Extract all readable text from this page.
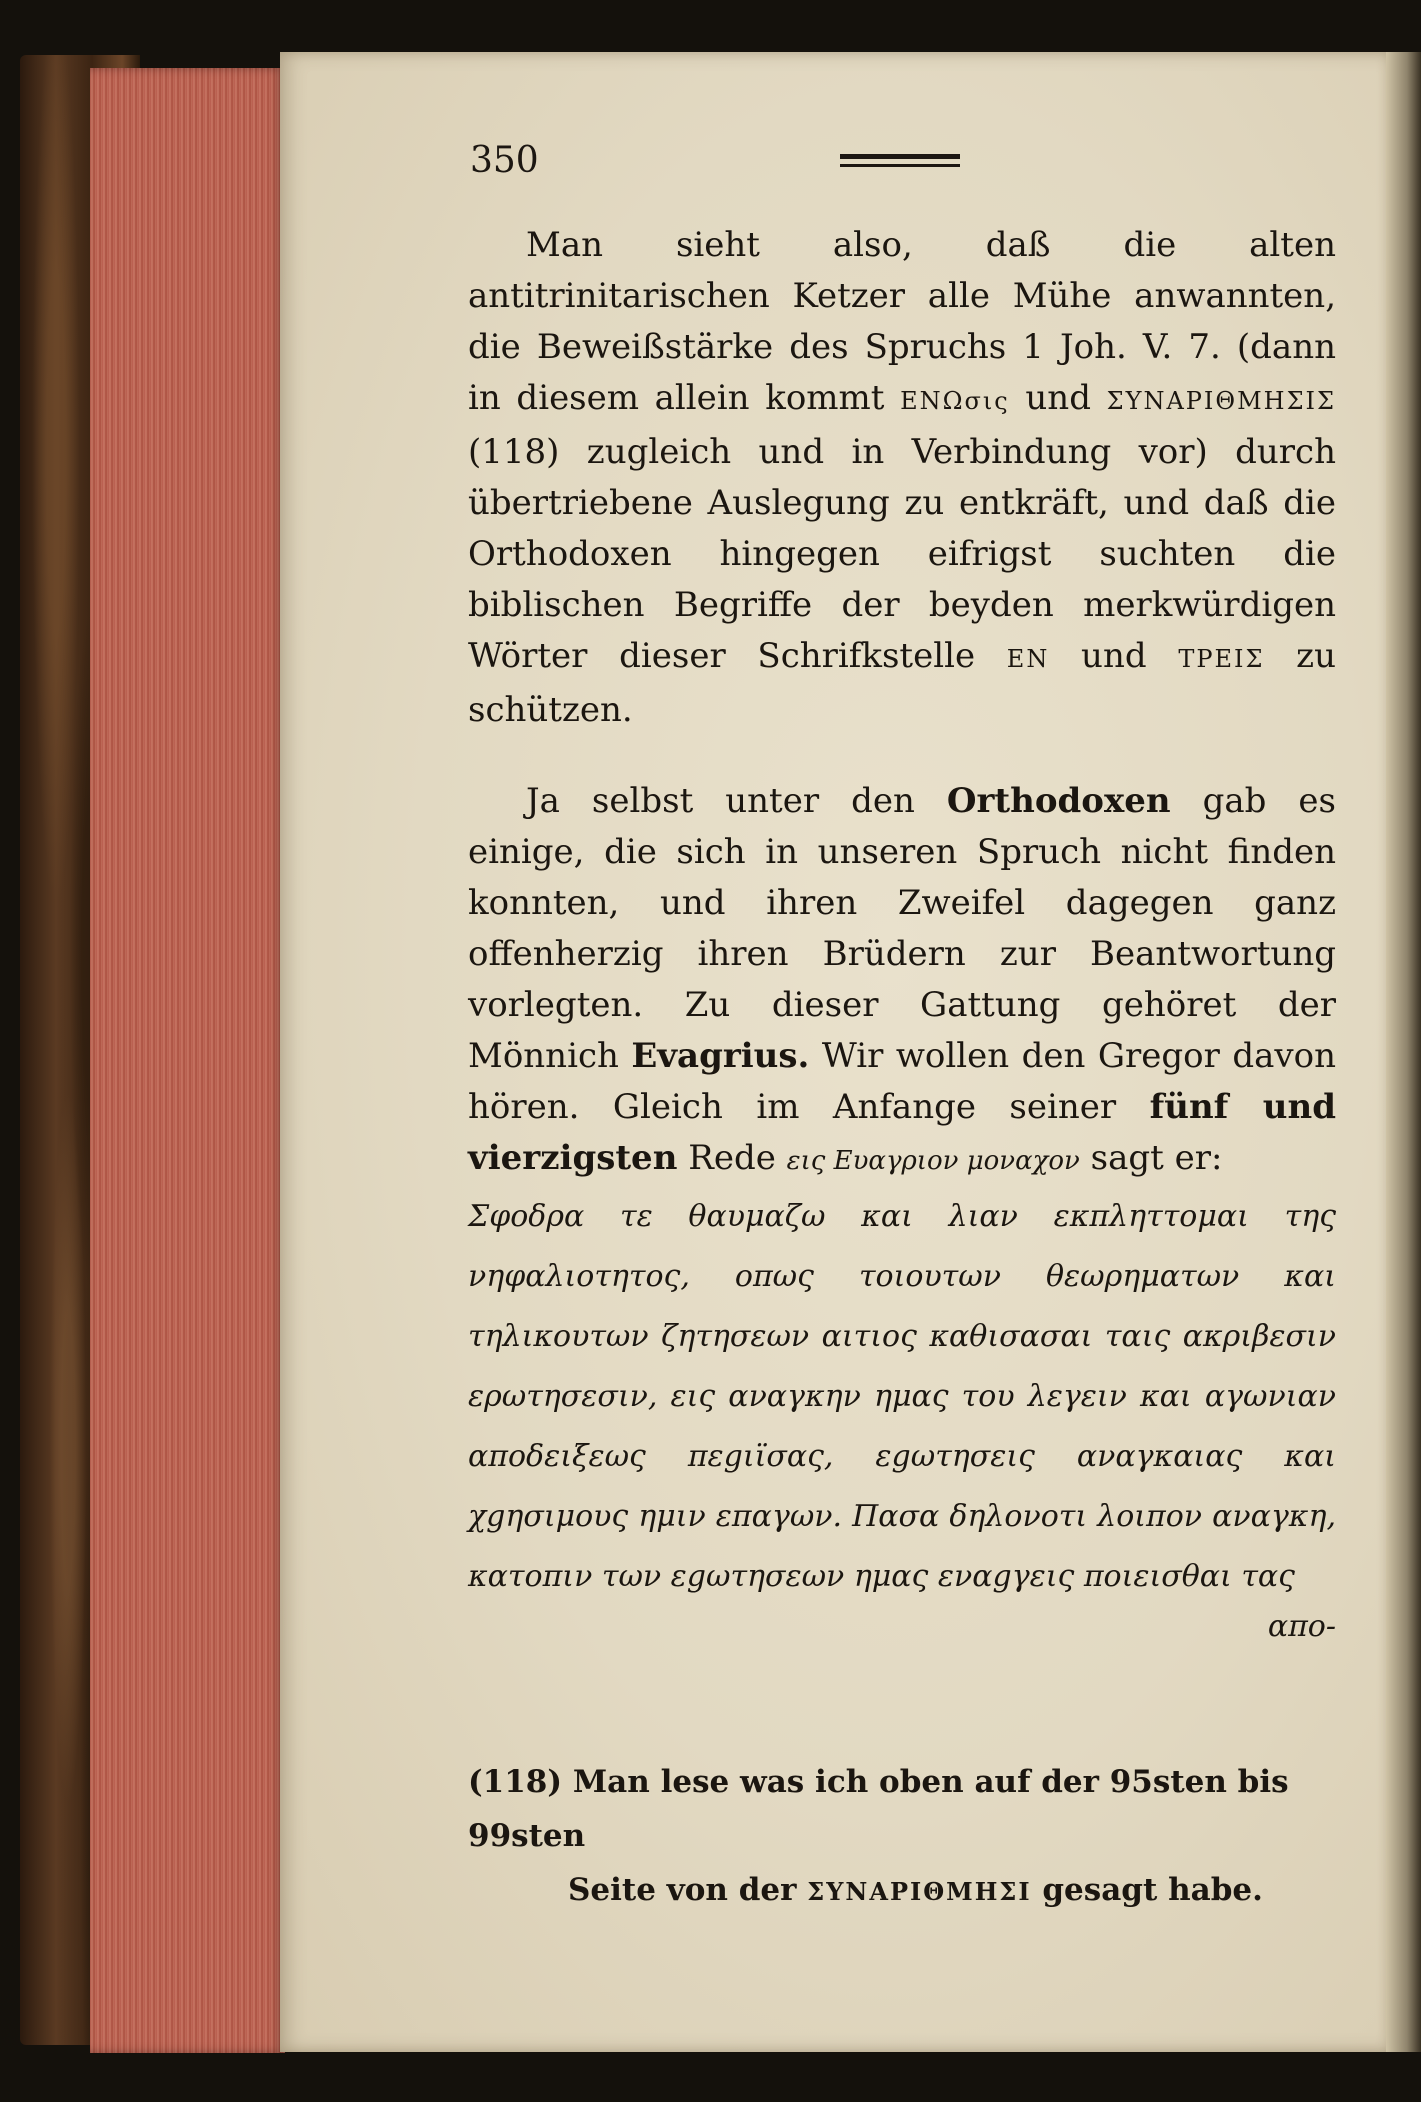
350

Man sieht also, daß die alten antitrinitarischen Ketzer alle Mühe anwannten, die Beweißstärke des Spruchs 1 Joh. V. 7. (dann in diesem allein kommt ΕΝΩσις und ΣΥΝΑΡΙΘΜΗΣΙΣ (118) zugleich und in Verbindung vor) durch übertriebene Auslegung zu entkräft, und daß die Orthodoxen hingegen eifrigst suchten die biblischen Begriffe der beyden merkwürdigen Wörter dieser Schrifkstelle ΕΝ und ΤΡΕΙΣ zu schützen.

Ja selbst unter den Orthodoxen gab es einige, die sich in unseren Spruch nicht finden konnten, und ihren Zweifel dagegen ganz offenherzig ihren Brüdern zur Beantwortung vorlegten. Zu dieser Gattung gehöret der Mönnich Evagrius. Wir wollen den Gregor davon hören. Gleich im Anfange seiner fünf und vierzigsten Rede εις Ευαγριον μοναχον sagt er:

Σφοδρα τε θαυμαζω και λιαν εκπληττομαι της νηφαλιοτητος, οπως τοιουτων θεωρηματων και τηλικουτων ζητησεων αιτιος καθισασαι ταις ακριβεσιν ερωτησεσιν, εις αναγκην ημας του λεγειν και αγωνιαν αποδειξεως πεgιϊσας, εgωτησεις αναγκαιας και χgησιμους ημιν επαγων. Πασα δηλονοτι λοιπον αναγκη, κατοπιν των εgωτησεων ημας εναgγεις ποιεισθαι τας

απο-

(118) Man lese was ich oben auf der 95sten bis 99sten
Seite von der ΣΥΝΑΡΙΘΜΗΣΙ gesagt habe.
